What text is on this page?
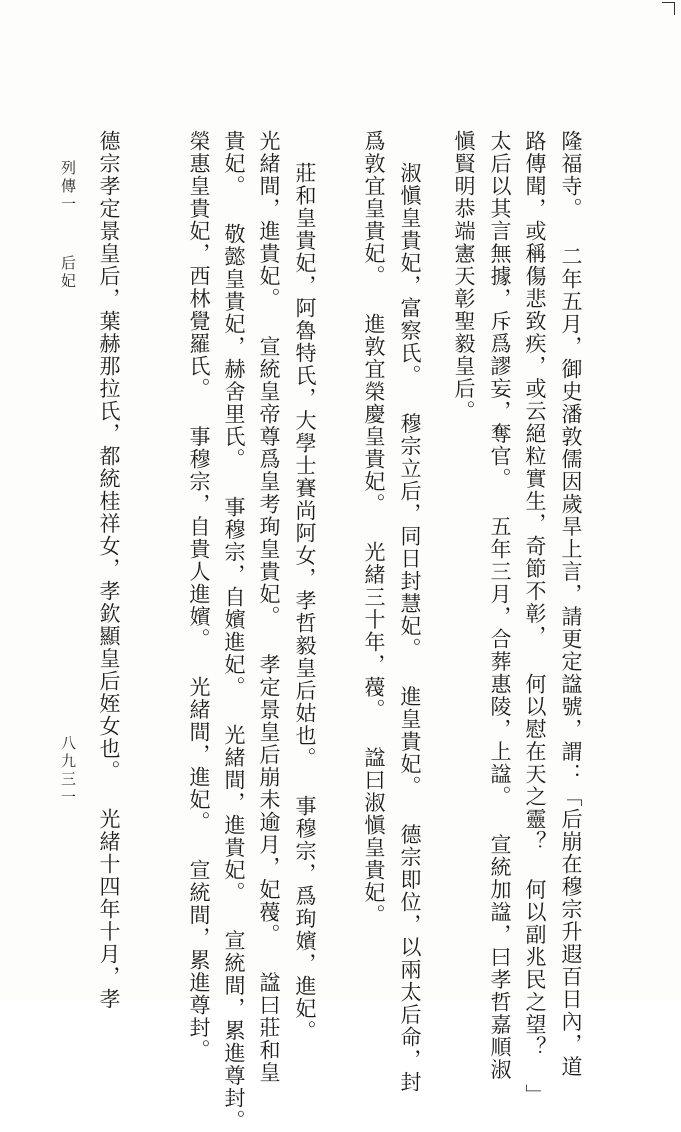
隆福寺。 二年五月，御史潘敦儒因歲旱上言，請更定諡號，謂：「后崩在穆宗升遐百日內，道
路傳聞，或稱傷悲致疾，或云絕粒實生，奇節不彰， 何以慰在天之靈？ 何以副兆民之望？ 」
太后以其言無據，斥爲謬妄，奪官。 五年三月，合葬惠陵，上諡。 宣統加諡，曰孝哲嘉順淑
愼賢明恭端憲天彰聖毅皇后。
淑愼皇貴妃，富察氏。 穆宗立后，同日封慧妃。 進皇貴妃。 德宗即位，以兩太后命，封
爲敦宜皇貴妃。 進敦宜榮慶皇貴妃。 光緒三十年，薎。 諡曰淑愼皇貴妃。
莊和皇貴妃，阿魯特氏，大學士賽尚阿女，孝哲毅皇后姑也。 事穆宗，爲珣嬪，進妃。
光緒間，進貴妃。 宣統皇帝尊爲皇考珣皇貴妃。 孝定景皇后崩未逾月，妃薎。 諡曰莊和皇
貴妃。 敬懿皇貴妃，赫舍里氏。 事穆宗，自嬪進妃。 光緒間，進貴妃。 宣統間，累進尊封。
榮惠皇貴妃，西林覺羅氏。 事穆宗，自貴人進嬪。 光緒間，進妃。 宣統間，累進尊封。
德宗孝定景皇后，葉赫那拉氏，都統桂祥女，孝欽顯皇后姪女也。 光緒十四年十月，孝
列傳一
后妃
八九三一
